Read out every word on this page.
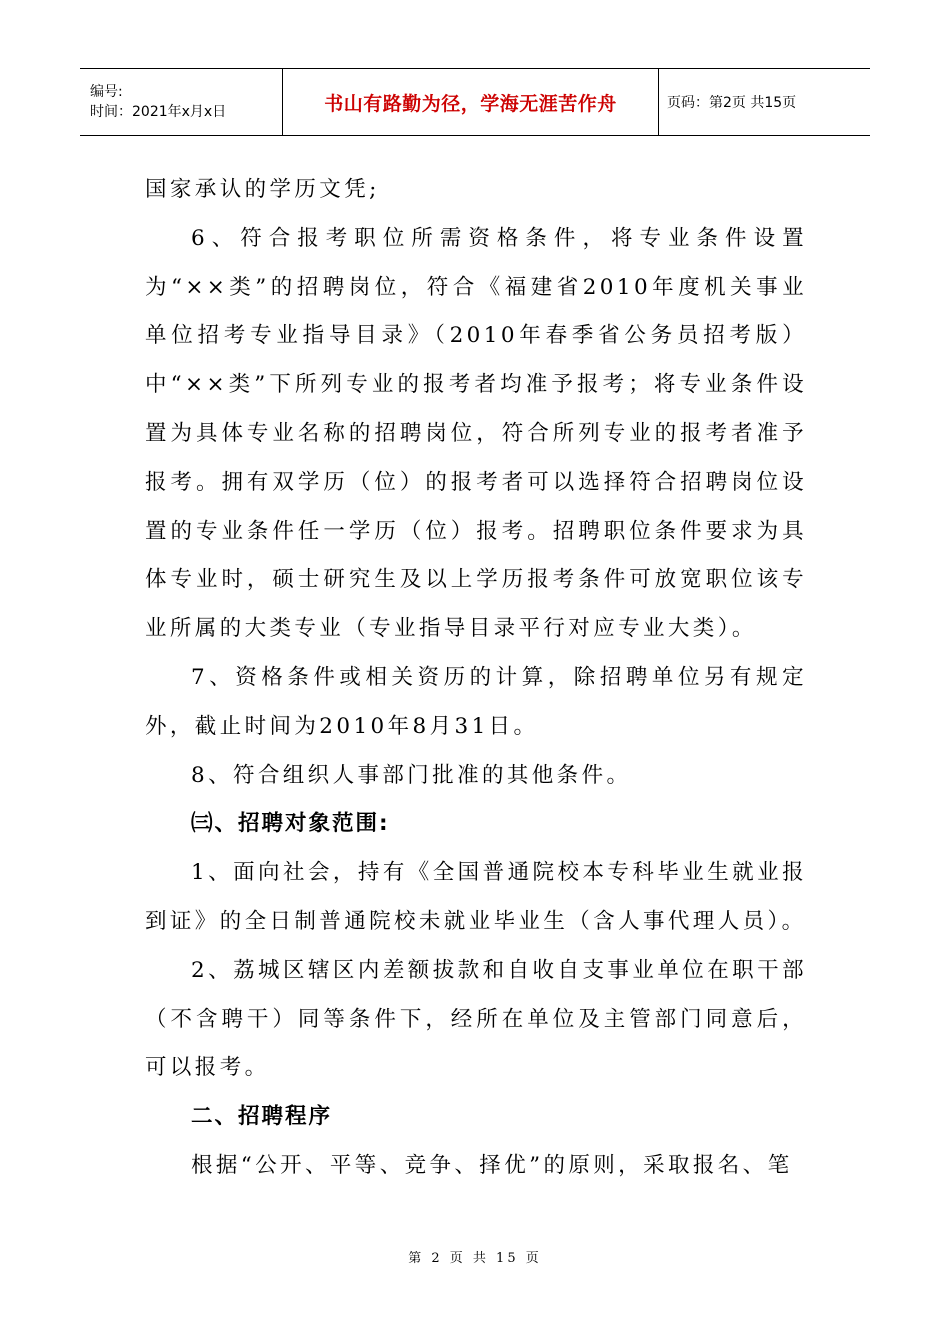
编号:
时间：2021年x月x日	书山有路勤为径，学海无涯苦作舟	页码：第2页 共15页

国家承认的学历文凭;

6、符合报考职位所需资格条件，将专业条件设置为“××类”的招聘岗位，符合《福建省2010年度机关事业单位招考专业指导目录》（2010年春季省公务员招考版）中“××类”下所列专业的报考者均准予报考；将专业条件设置为具体专业名称的招聘岗位，符合所列专业的报考者准予报考。拥有双学历（位）的报考者可以选择符合招聘岗位设置的专业条件任一学历（位）报考。招聘职位条件要求为具体专业时，硕士研究生及以上学历报考条件可放宽职位该专业所属的大类专业（专业指导目录平行对应专业大类）。

7、资格条件或相关资历的计算，除招聘单位另有规定外，截止时间为2010年8月31日。

8、符合组织人事部门批准的其他条件。

㈢、招聘对象范围:

1、面向社会，持有《全国普通院校本专科毕业生就业报到证》的全日制普通院校未就业毕业生（含人事代理人员）。

2、荔城区辖区内差额拔款和自收自支事业单位在职干部（不含聘干）同等条件下，经所在单位及主管部门同意后，可以报考。

二、招聘程序

根据“公开、平等、竞争、择优”的原则，采取报名、笔

第 2 页 共 15 页
